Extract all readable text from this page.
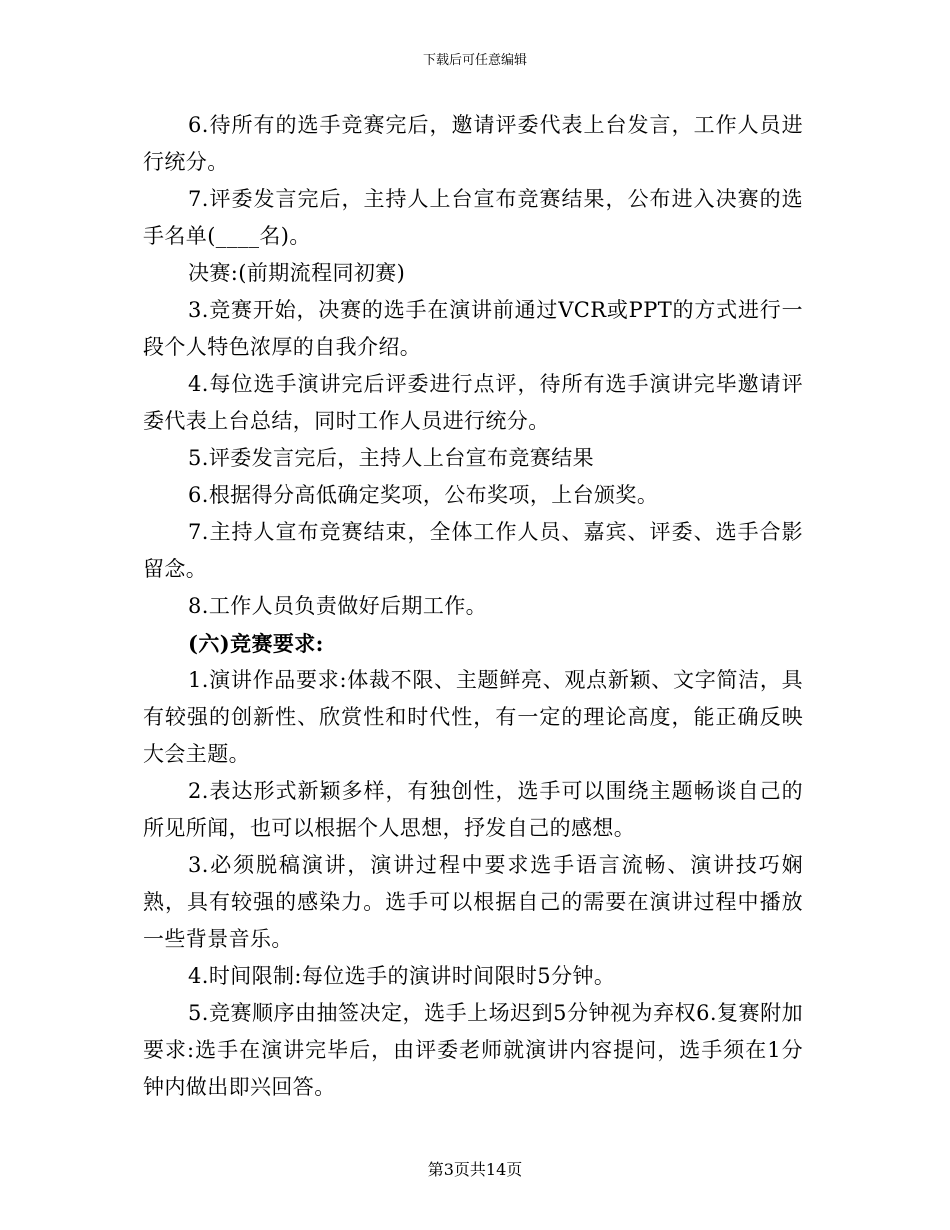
下载后可任意编辑

6.待所有的选手竞赛完后，邀请评委代表上台发言，工作人员进行统分。

7.评委发言完后，主持人上台宣布竞赛结果，公布进入决赛的选手名单(____名)。

决赛:(前期流程同初赛)

3.竞赛开始，决赛的选手在演讲前通过VCR或PPT的方式进行一段个人特色浓厚的自我介绍。

4.每位选手演讲完后评委进行点评，待所有选手演讲完毕邀请评委代表上台总结，同时工作人员进行统分。

5.评委发言完后，主持人上台宣布竞赛结果

6.根据得分高低确定奖项，公布奖项，上台颁奖。

7.主持人宣布竞赛结束，全体工作人员、嘉宾、评委、选手合影留念。

8.工作人员负责做好后期工作。

(六)竞赛要求:

1.演讲作品要求:体裁不限、主题鲜亮、观点新颖、文字简洁，具有较强的创新性、欣赏性和时代性，有一定的理论高度，能正确反映大会主题。

2.表达形式新颖多样，有独创性，选手可以围绕主题畅谈自己的所见所闻，也可以根据个人思想，抒发自己的感想。

3.必须脱稿演讲，演讲过程中要求选手语言流畅、演讲技巧娴熟，具有较强的感染力。选手可以根据自己的需要在演讲过程中播放一些背景音乐。

4.时间限制:每位选手的演讲时间限时5分钟。

5.竞赛顺序由抽签决定，选手上场迟到5分钟视为弃权6.复赛附加要求:选手在演讲完毕后，由评委老师就演讲内容提问，选手须在1分钟内做出即兴回答。

第3页共14页
